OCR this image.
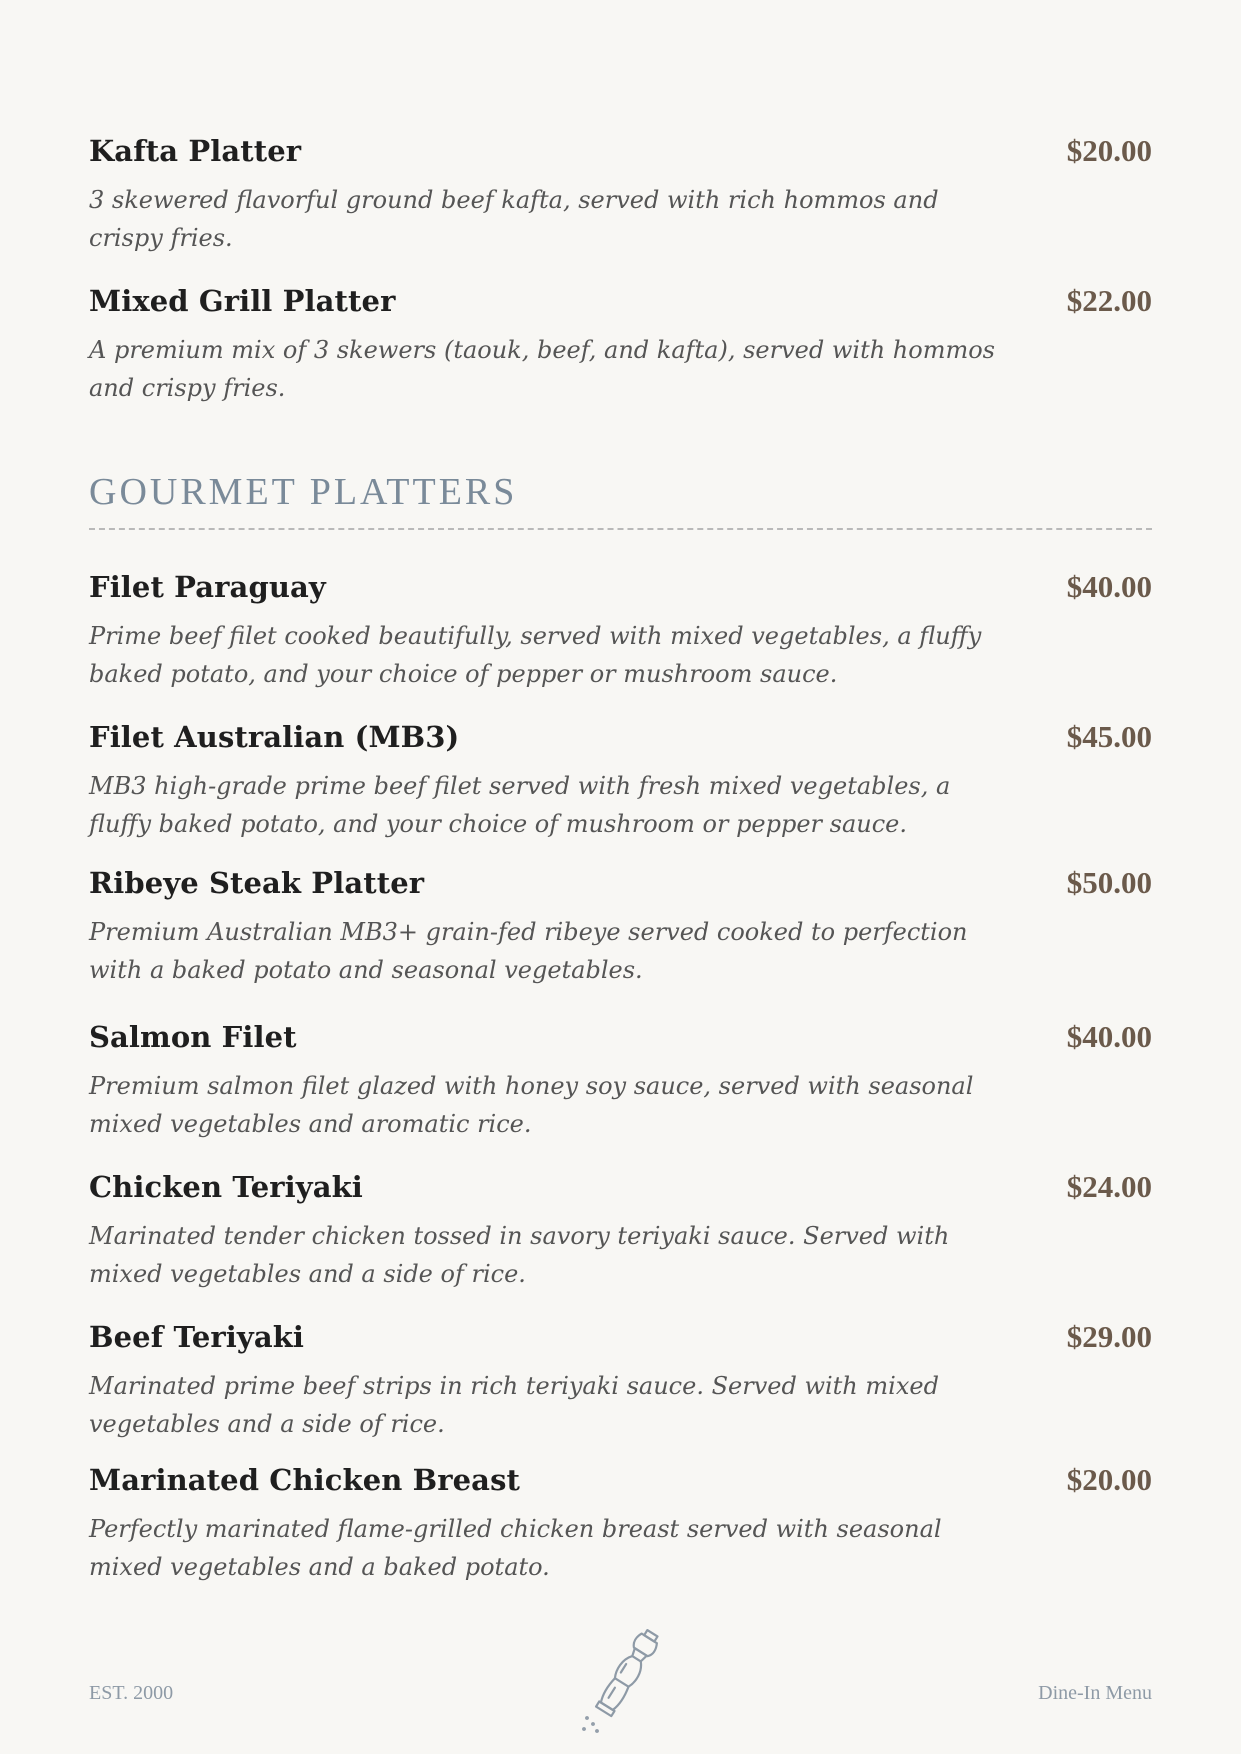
Kafta Platter	$20.00
3 skewered flavorful ground beef kafta, served with rich hommos and crispy fries.
Mixed Grill Platter	$22.00
A premium mix of 3 skewers (taouk, beef, and kafta), served with hommos and crispy fries.
GOURMET PLATTERS
Filet Paraguay	$40.00
Prime beef filet cooked beautifully, served with mixed vegetables, a fluffy baked potato, and your choice of pepper or mushroom sauce.
Filet Australian (MB3)	$45.00
MB3 high-grade prime beef filet served with fresh mixed vegetables, a fluffy baked potato, and your choice of mushroom or pepper sauce.
Ribeye Steak Platter	$50.00
Premium Australian MB3+ grain-fed ribeye served cooked to perfection with a baked potato and seasonal vegetables.
Salmon Filet	$40.00
Premium salmon filet glazed with honey soy sauce, served with seasonal mixed vegetables and aromatic rice.
Chicken Teriyaki	$24.00
Marinated tender chicken tossed in savory teriyaki sauce. Served with mixed vegetables and a side of rice.
Beef Teriyaki	$29.00
Marinated prime beef strips in rich teriyaki sauce. Served with mixed vegetables and a side of rice.
Marinated Chicken Breast	$20.00
Perfectly marinated flame-grilled chicken breast served with seasonal mixed vegetables and a baked potato.
EST. 2000	Dine-In Menu
